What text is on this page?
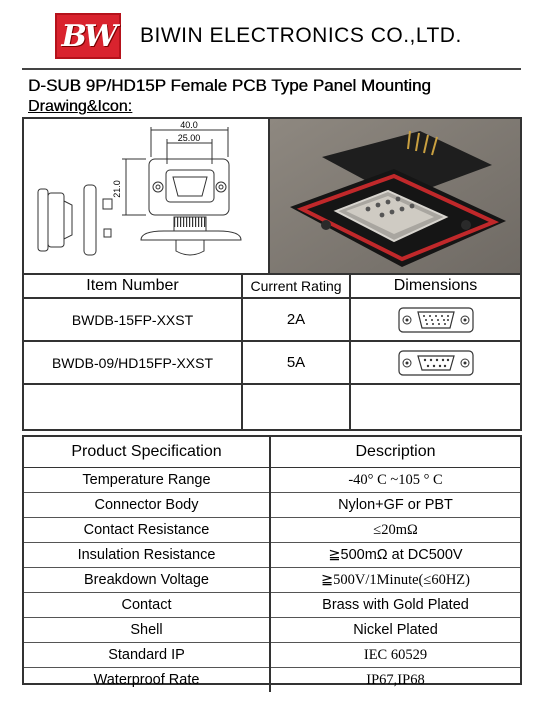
BW BIWIN ELECTRONICS CO.,LTD.
D-SUB 9P/HD15P Female PCB Type Panel Mounting
Drawing&Icon:
40.0
25.00
21.0
Item Number	Current Rating	Dimensions
BWDB-15FP-XXST	2A	

BWDB-09/HD15FP-XXST	5A	

Product Specification	Description
Temperature Range	-40° C ~105 ° C
Connector Body	Nylon+GF or PBT
Contact Resistance	≤20mΩ
Insulation Resistance	≧500mΩ at DC500V
Breakdown Voltage	≧500V/1Minute(≤60HZ)
Contact	Brass with Gold Plated
Shell	Nickel Plated
Standard IP	IEC 60529
Waterproof Rate	IP67,IP68
